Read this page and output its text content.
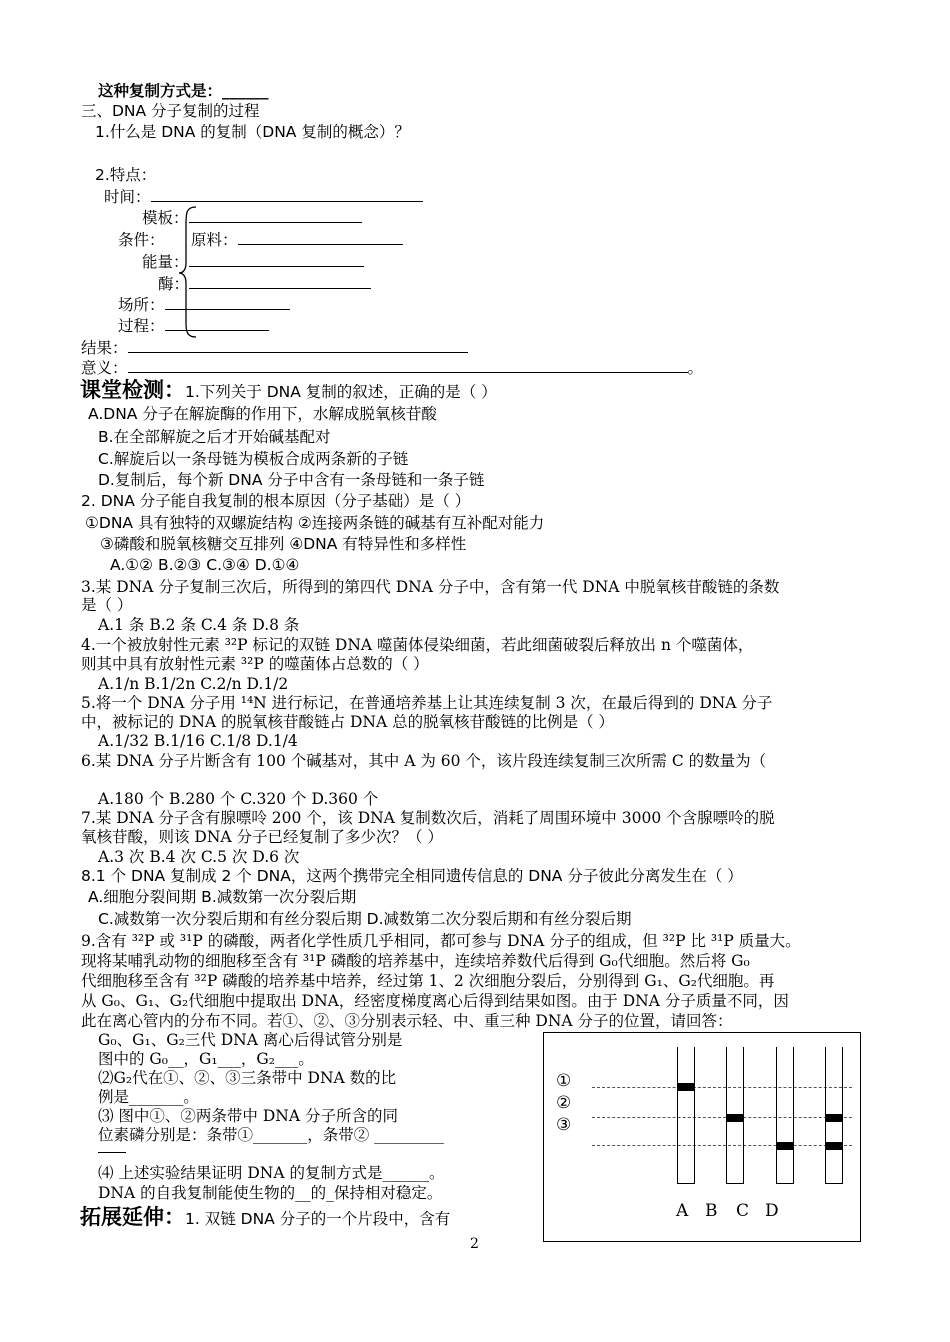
这种复制方式是：______
三、DNA 分子复制的过程
1.什么是 DNA 的复制（DNA 复制的概念）？
2.特点：
时间：
模板：
条件： 原料：
能量：
酶：
场所：
过程：
结果：
意义：	。
课堂检测：1.下列关于 DNA 复制的叙述，正确的是（ ）
A.DNA 分子在解旋酶的作用下，水解成脱氧核苷酸
B.在全部解旋之后才开始碱基配对
C.解旋后以一条母链为模板合成两条新的子链
D.复制后，每个新 DNA 分子中含有一条母链和一条子链
2. DNA 分子能自我复制的根本原因（分子基础）是（ ）
①DNA 具有独特的双螺旋结构 ②连接两条链的碱基有互补配对能力
③磷酸和脱氧核糖交互排列 ④DNA 有特异性和多样性
A.①② B.②③ C.③④ D.①④
3.某 DNA 分子复制三次后，所得到的第四代 DNA 分子中，含有第一代 DNA 中脱氧核苷酸链的条数
是（ ）
A.1 条 B.2 条 C.4 条 D.8 条
4.一个被放射性元素 ³²P 标记的双链 DNA 噬菌体侵染细菌，若此细菌破裂后释放出 n 个噬菌体，
则其中具有放射性元素 ³²P 的噬菌体占总数的（ ）
A.1/n B.1/2n C.2/n D.1/2
5.将一个 DNA 分子用 ¹⁴N 进行标记，在普通培养基上让其连续复制 3 次，在最后得到的 DNA 分子
中，被标记的 DNA 的脱氧核苷酸链占 DNA 总的脱氧核苷酸链的比例是（ ）
A.1/32 B.1/16 C.1/8 D.1/4
6.某 DNA 分子片断含有 100 个碱基对，其中 A 为 60 个，该片段连续复制三次所需 C 的数量为（
A.180 个 B.280 个 C.320 个 D.360 个
7.某 DNA 分子含有腺嘌呤 200 个，该 DNA 复制数次后，消耗了周围环境中 3000 个含腺嘌呤的脱
氧核苷酸，则该 DNA 分子已经复制了多少次？（ ）
A.3 次 B.4 次 C.5 次 D.6 次
8.1 个 DNA 复制成 2 个 DNA，这两个携带完全相同遗传信息的 DNA 分子彼此分离发生在（ ）
A.细胞分裂间期 B.减数第一次分裂后期
C.减数第一次分裂后期和有丝分裂后期 D.减数第二次分裂后期和有丝分裂后期
9.含有 ³²P 或 ³¹P 的磷酸，两者化学性质几乎相同，都可参与 DNA 分子的组成，但 ³²P 比 ³¹P 质量大。
现将某哺乳动物的细胞移至含有 ³¹P 磷酸的培养基中，连续培养数代后得到 G₀代细胞。然后将 G₀
代细胞移至含有 ³²P 磷酸的培养基中培养，经过第 1、2 次细胞分裂后，分别得到 G₁、G₂代细胞。再
从 G₀、G₁、G₂代细胞中提取出 DNA，经密度梯度离心后得到结果如图。由于 DNA 分子质量不同，因
此在离心管内的分布不同。若①、②、③分别表示轻、中、重三种 DNA 分子的位置，请回答：
G₀、G₁、G₂三代 DNA 离心后得试管分别是
图中的 G₀__，G₁___，G₂___。
⑵G₂代在①、②、③三条带中 DNA 数的比
例是_______。
⑶ 图中①、②两条带中 DNA 分子所含的同
位素磷分别是：条带①_______，条带② _________
⑷ 上述实验结果证明 DNA 的复制方式是______。
DNA 的自我复制能使生物的__的_保持相对稳定。
拓展延伸：1. 双链 DNA 分子的一个片段中，含有
①
②
③
A B C D
2
